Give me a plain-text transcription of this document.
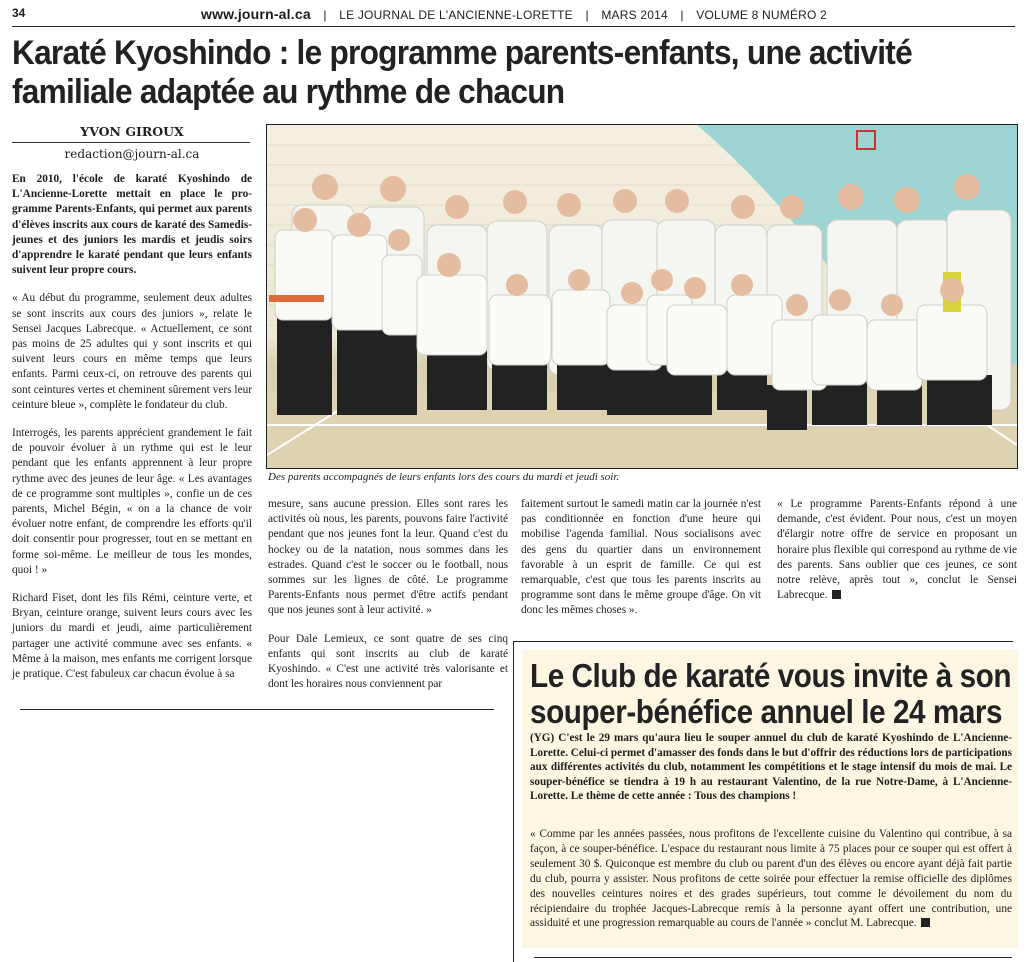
34	www.journ-al.ca | LE JOURNAL DE L'ANCIENNE-LORETTE | MARS 2014 | VOLUME 8 NUMÉRO 2
Karaté Kyoshindo : le programme parents-enfants, une activité familiale adaptée au rythme de chacun
YVON GIROUX
redaction@journ-al.ca

En 2010, l'école de karaté Kyoshindo de L'Ancienne-Lorette mettait en place le programme Parents-Enfants, qui permet aux parents d'élèves inscrits aux cours de karaté des Samedis-jeunes et des juniors les mardis et jeudis soirs d'apprendre le karaté pendant que leurs enfants suivent leur propre cours.

« Au début du programme, seulement deux adultes se sont inscrits aux cours des juniors », relate le Sensei Jacques Labrecque. « Actuellement, ce sont pas moins de 25 adultes qui y sont inscrits et qui suivent leurs cours en même temps que leurs enfants. Parmi ceux-ci, on retrouve des parents qui sont ceintures vertes et cheminent sûrement vers leur ceinture bleue », complète le fondateur du club.

Interrogés, les parents apprécient grandement le fait de pouvoir évoluer à un rythme qui est le leur pendant que les enfants apprennent à leur propre rythme avec des jeunes de leur âge. « Les avantages de ce programme sont multiples », confie un de ces parents, Michel Bégin, « on a la chance de voir évoluer notre enfant, de comprendre les efforts qu'il doit consentir pour progresser, tout en se mettant en forme soi-même. Le meilleur de tous les mondes, quoi ! »

Richard Fiset, dont les fils Rémi, ceinture verte, et Bryan, ceinture orange, suivent leurs cours avec les juniors du mardi et jeudi, aime particulièrement partager une activité commune avec ses enfants. « Même à la maison, mes enfants me corrigent lorsque je pratique. C'est fabuleux car chacun évolue à sa

Des parents accompagnés de leurs enfants lors des cours du mardi et jeudi soir.

mesure, sans aucune pression. Elles sont rares les activités où nous, les parents, pouvons faire l'activité pendant que nos jeunes font la leur. Quand c'est du hockey ou de la natation, nous sommes dans les estrades. Quand c'est le soccer ou le football, nous sommes sur les lignes de côté. Le programme Parents-Enfants nous permet d'être actifs pendant que nos jeunes sont à leur activité. »

Pour Dale Lemieux, ce sont quatre de ses cinq enfants qui sont inscrits au club de karaté Kyoshindo. « C'est une activité très valorisante et dont les horaires nous conviennent par

faitement surtout le samedi matin car la journée n'est pas conditionnée en fonction d'une heure qui mobilise l'agenda familial. Nous socialisons avec des gens du quartier dans un environnement favorable à un esprit de famille. Ce qui est remarquable, c'est que tous les parents inscrits au programme sont dans le même groupe d'âge. On vit donc les mêmes choses ».

« Le programme Parents-Enfants répond à une demande, c'est évident. Pour nous, c'est un moyen d'élargir notre offre de service en proposant un horaire plus flexible qui correspond au rythme de vie des parents. Sans oublier que ces jeunes, ce sont notre relève, après tout », conclut le Sensei Labrecque.

Le Club de karaté vous invite à son souper-bénéfice annuel le 24 mars
(YG) C'est le 29 mars qu'aura lieu le souper annuel du club de karaté Kyoshindo de L'Ancienne-Lorette. Celui-ci permet d'amasser des fonds dans le but d'offrir des réductions lors de participations aux différentes activités du club, notamment les compétitions et le stage intensif du mois de mai. Le souper-bénéfice se tiendra à 19 h au restaurant Valentino, de la rue Notre-Dame, à L'Ancienne-Lorette. Le thème de cette année : Tous des champions !
« Comme par les années passées, nous profitons de l'excellente cuisine du Valentino qui contribue, à sa façon, à ce souper-bénéfice. L'espace du restaurant nous limite à 75 places pour ce souper qui est offert à seulement 30 $. Quiconque est membre du club ou parent d'un des élèves ou encore ayant déjà fait partie du club, pourra y assister. Nous profitons de cette soirée pour effectuer la remise officielle des diplômes des nouvelles ceintures noires et des grades supérieurs, tout comme le dévoilement du nom du récipiendaire du trophée Jacques-Labrecque remis à la personne ayant offert une contribution, une assiduité et une progression remarquable au cours de l'année » conclut M. Labrecque.
